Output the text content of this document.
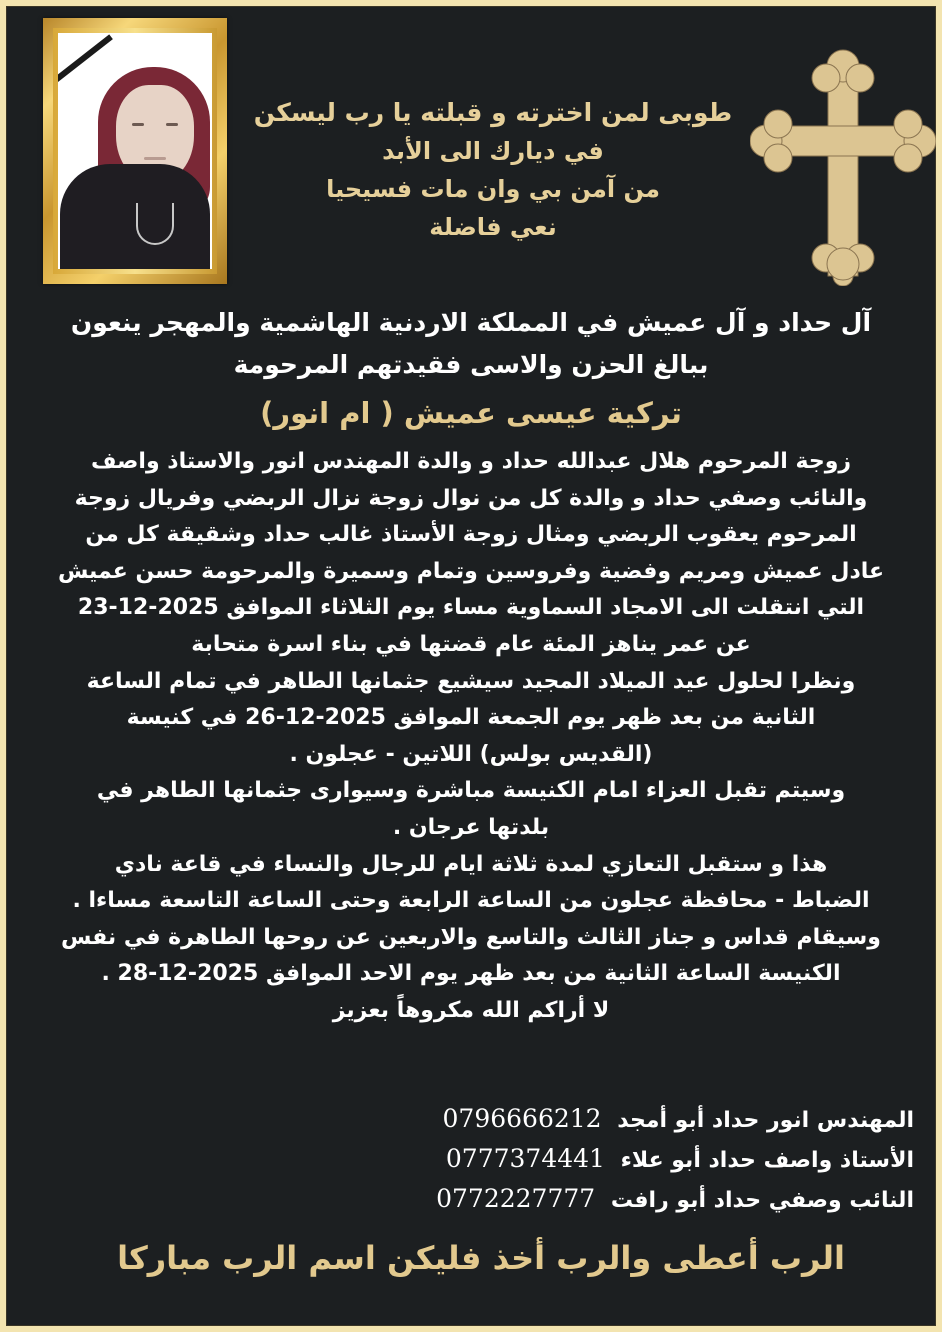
طوبى لمن اخترته و قبلته يا رب ليسكن
في ديارك الى الأبد
من آمن بي وان مات فسيحيا
نعي فاضلة
آل حداد و آل عميش في المملكة الاردنية الهاشمية والمهجر ينعون
ببالغ الحزن والاسى فقيدتهم المرحومة
تركية عيسى عميش ( ام انور)
زوجة المرحوم هلال عبدالله حداد و والدة المهندس انور والاستاذ واصف
والنائب وصفي حداد و والدة كل من نوال زوجة نزال الربضي وفريال زوجة
المرحوم يعقوب الربضي ومثال زوجة الأستاذ غالب حداد وشقيقة كل من
عادل عميش ومريم وفضية وفروسين وتمام وسميرة والمرحومة حسن عميش
التي انتقلت الى الامجاد السماوية مساء يوم الثلاثاء الموافق 2025-12-23
عن عمر يناهز المئة عام قضتها في بناء اسرة متحابة
ونظرا لحلول عيد الميلاد المجيد سيشيع جثمانها الطاهر في تمام الساعة
الثانية من بعد ظهر يوم الجمعة الموافق 2025-12-26 في كنيسة
(القديس بولس) اللاتين - عجلون .
وسيتم تقبل العزاء امام الكنيسة مباشرة وسيوارى جثمانها الطاهر في
بلدتها عرجان .
هذا و ستقبل التعازي لمدة ثلاثة ايام للرجال والنساء في قاعة نادي
الضباط - محافظة عجلون من الساعة الرابعة وحتى الساعة التاسعة مساءا .
وسيقام قداس و جناز الثالث والتاسع والاربعين عن روحها الطاهرة في نفس
الكنيسة الساعة الثانية من بعد ظهر يوم الاحد الموافق 2025-12-28 .
لا أراكم الله مكروهاً بعزيز
المهندس انور حداد أبو أمجد 0796666212
الأستاذ واصف حداد أبو علاء 0777374441
النائب وصفي حداد أبو رافت 0772227777
الرب أعطى والرب أخذ فليكن اسم الرب مباركا
